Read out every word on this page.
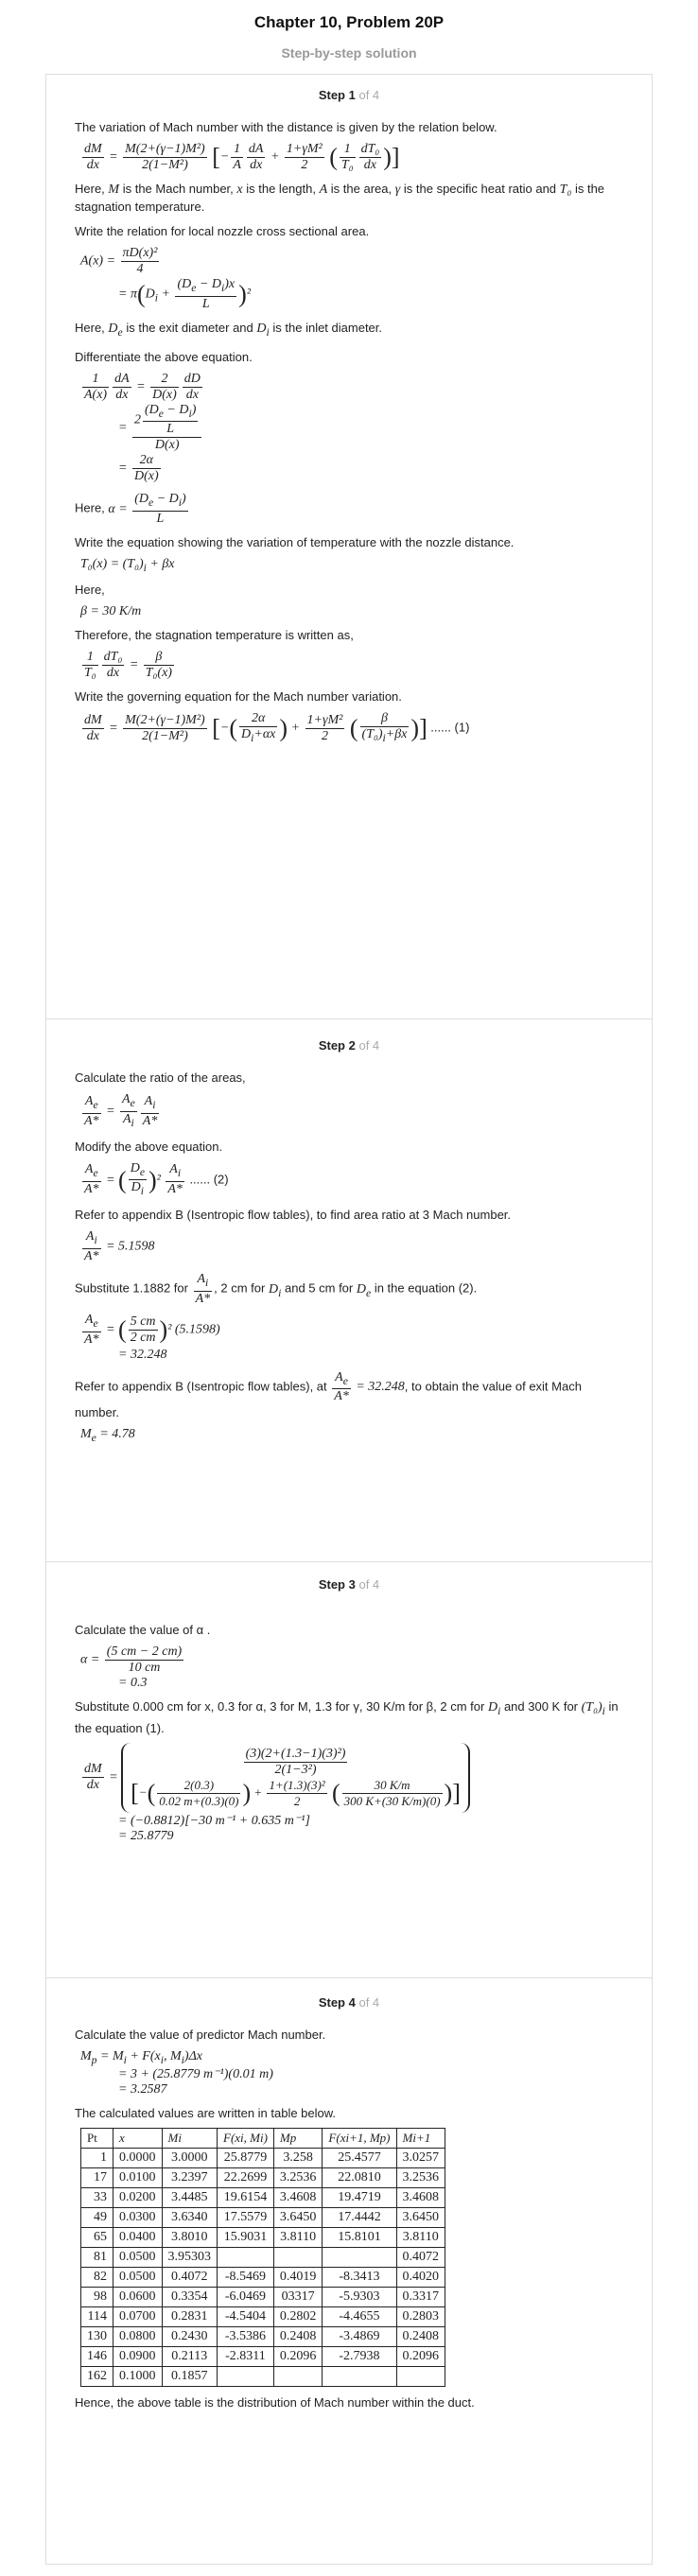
Chapter 10, Problem 20P
Step-by-step solution
Step 1 of 4
The variation of Mach number with the distance is given by the relation below.
$\frac{dM}{dx} = \frac{\text{M(2+(γ−1)M²)}}{\text{2(1−M²)}}$ [− $\frac{1}{A} \frac{dA}{dx} + \frac{\text{1+γM²}}{2}$ ( $\frac{1}{\text{T₀}} \frac{\text{dT₀}}{dx}$ )]
Here, M is the Mach number, x is the length, A is the area, γ is the specific heat ratio and T₀ is the stagnation temperature.
Write the relation for local nozzle cross sectional area.
$A(x) = \frac{\text{πD(x)²}}{4}$
= $\pi(D_i + \frac{(D_e - D_i)x}{L} )^2$
Here, $D_e$ is the exit diameter and $D_i$ is the inlet diameter.
Differentiate the above equation.
$\frac{1}{A(x)} \frac{dA}{dx} = \frac{2}{D(x)} \frac{dD}{dx}$
= $\frac{2 \frac{(D_e - D_i)}{L}}{D(x)}$
= $\frac{2\alpha}{D(x)}$
Here, $\alpha = \frac{(D_e - D_i)}{L}$
Write the equation showing the variation of temperature with the nozzle distance.
$T_0(x) = (T_0)_i + \beta x$
Here,
β = 30 K/m
Therefore, the stagnation temperature is written as,
$\frac{1}{\text{T₀}} \frac{\text{dT₀}}{dx} = \frac{\beta}{\text{T₀(x)}}$
Write the governing equation for the Mach number variation.
$\frac{dM}{dx} = \frac{\text{M(2+(γ−1)M²)}}{\text{2(1−M²)}}$ [−( $\frac{2\alpha}{D_i+\alpha x}$ ) + $\frac{\text{1+γM²}}{2}$ ( $\frac{\beta}{(T_0)_i+\beta x}$ )] ...... (1)
Step 2 of 4
Calculate the ratio of the areas,
$\frac{A_e}{A*} = \frac{A_e}{A_i} \frac{A_i}{A*}$
Modify the above equation.
$\frac{A_e}{A*}$ = ( $\frac{D_e}{D_i} )^2 \frac{A_i}{A*}$ ...... (2)
Refer to appendix B (Isentropic flow tables), to find area ratio at 3 Mach number.
$\frac{A_i}{A*} = 5.1598$
Substitute 1.1882 for $\frac{A_i}{A*}$ , 2 cm for $D_i$ and 5 cm for $D_e$ in the equation (2).
$\frac{A_e}{A*}$ = ( $\frac{5 cm}{2 cm} )^2$ (5.1598)
= 32.248
Refer to appendix B (Isentropic flow tables), at $\frac{A_e}{A*} = 32.248$, to obtain the value of exit Mach number.
$M_e = 4.78$
Step 3 of 4
Calculate the value of α .
$\alpha = \frac{(5 cm - 2 cm)}{10 cm}$
= 0.3
Substitute 0.000 cm for x, 0.3 for α, 3 for M, 1.3 for γ, 30 K/m for β, 2 cm for $D_i$ and 300 K for $(T_0)_i$ in the equation (1).
$\frac{dM}{dx}$ =	$\frac{\text{(3)(2+(1.3−1)(3)²)}}{\text{2(1−3²)}}$
[−( $\frac{2(0.3)}{0.02 m+(0.3)(0)}$ ) + $\frac{\text{1+(1.3)(3)²}}{2}$ ( $\frac{30 K/m}{300 K+(30 K/m)(0)}$ )]
= (−0.8812)[−30 m⁻¹ + 0.635 m⁻¹]
= 25.8779
Step 4 of 4
Calculate the value of predictor Mach number.
$M_p = M_i + F(x_i$, $M_i)\Delta x$
= 3 + (25.8779 m⁻¹)(0.01 m)
= 3.2587
The calculated values are written in table below.
Pt	x	Mi	F(xi, Mi)	Mp	F(xi+1, Mp)	Mi+1
1	0.0000	3.0000	25.8779	3.258	25.4577	3.0257
17	0.0100	3.2397	22.2699	3.2536	22.0810	3.2536
33	0.0200	3.4485	19.6154	3.4608	19.4719	3.4608
49	0.0300	3.6340	17.5579	3.6450	17.4442	3.6450
65	0.0400	3.8010	15.9031	3.8110	15.8101	3.8110
81	0.0500	3.95303				0.4072
82	0.0500	0.4072	-8.5469	0.4019	-8.3413	0.4020
98	0.0600	0.3354	-6.0469	03317	-5.9303	0.3317
114	0.0700	0.2831	-4.5404	0.2802	-4.4655	0.2803
130	0.0800	0.2430	-3.5386	0.2408	-3.4869	0.2408
146	0.0900	0.2113	-2.8311	0.2096	-2.7938	0.2096
162	0.1000	0.1857				
Hence, the above table is the distribution of Mach number within the duct.
